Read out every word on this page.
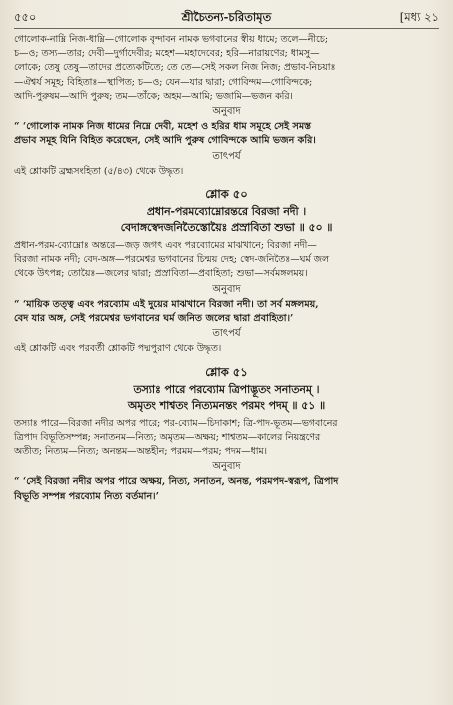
৫৫০	শ্রীচৈতন্য-চরিতামৃত	[মধ্য ২১

গোলোক-নাম্নি নিজ-ধাম্নি—গোলোক বৃন্দাবন নামক ভগবানের স্বীয় ধামে; তলে—নীচে;

চ—ও; তস্য—তার; দেবী—দুর্গাদেবীর; মহেশ—মহাদেবের; হরি—নারায়ণের; ধামসু—

লোকে; তেষু তেষু—তাদের প্রত্যেকটিতে; তে তে—সেই সকল নিজ নিজ; প্রভাব-নিচয়াঃ

—ঐশ্বর্য সমূহ; বিহিতাঃ—স্থাপিত; চ—ও; যেন—যার দ্বারা; গোবিন্দম—গোবিন্দকে;

আদি-পুরুষম—আদি পুরুষ; তম—তাঁকে; অহম—আমি; ভজামি—ভজন করি।

অনুবাদ

“ ‘গোলোক নামক নিজ ধামের নিম্নে দেবী, মহেশ ও হরির ধাম সমূহে সেই সমস্ত

প্রভাব সমূহ যিনি বিহিত করেছেন, সেই আদি পুরুষ গোবিন্দকে আমি ভজন করি।

তাৎপর্য

এই শ্লোকটি ব্রহ্মসংহিতা (৫/৪৩) থেকে উদ্ধৃত।

শ্লোক ৫০

প্রধান-পরমব্যোম্নোরন্তরে বিরজা নদী ।

বেদাঙ্গস্বেদজনিতৈস্তোয়ৈঃ প্রস্রাবিতা শুভা ॥ ৫০ ॥

প্রধান-পরম-ব্যোম্নোঃ অন্তরে—জড় জগৎ এবং পরব্যোমের মাঝখানে; বিরজা নদী—

বিরজা নামক নদী; বেদ-অঙ্গ—পরমেশ্বর ভগবানের চিন্ময় দেহ; স্বেদ-জনিতৈঃ—ঘর্ম জল

থেকে উৎপন্ন; তোয়ৈঃ—জলের দ্বারা; প্রস্রাবিতা—প্রবাহিতা; শুভা—সর্বমঙ্গলময়।

অনুবাদ

“ ‘মায়িক তত্ত্ব এবং পরব্যোম এই দুয়ের মাঝখানে বিরজা নদী। তা সর্ব মঙ্গলময়,

বেদ যার অঙ্গ, সেই পরমেশ্বর ভগবানের ঘর্ম জনিত জলের দ্বারা প্রবাহিতা।’

তাৎপর্য

এই শ্লোকটি এবং পরবর্তী শ্লোকটি পদ্মপুরাণ থেকে উদ্ধৃত।

শ্লোক ৫১

তস্যাঃ পারে পরব্যোম ত্রিপাদ্ভূতং সনাতনম্ ।

অমৃতং শাশ্বতং নিত্যমনন্তং পরমং পদম্ ॥ ৫১ ॥

তস্যাঃ পারে—বিরজা নদীর অপর পারে; পর-ব্যোম—চিদাকাশ; ত্রি-পাদ-ভূতম—ভগবানের

ত্রিপাদ বিভূতিসম্পন্ন; সনাতনম—নিত্য; অমৃতম—অক্ষয়; শাশ্বতম—কালের নিয়ন্ত্রণের

অতীত; নিত্যম—নিত্য; অনন্তম—অন্তহীন; পরমম—পরম; পদম—ধাম।

অনুবাদ

“ ‘সেই বিরজা নদীর অপর পারে অক্ষয়, নিত্য, সনাতন, অনন্ত, পরমপদ-স্বরূপ, ত্রিপাদ

বিভূতি সম্পন্ন পরব্যোম নিত্য বর্তমান।’
